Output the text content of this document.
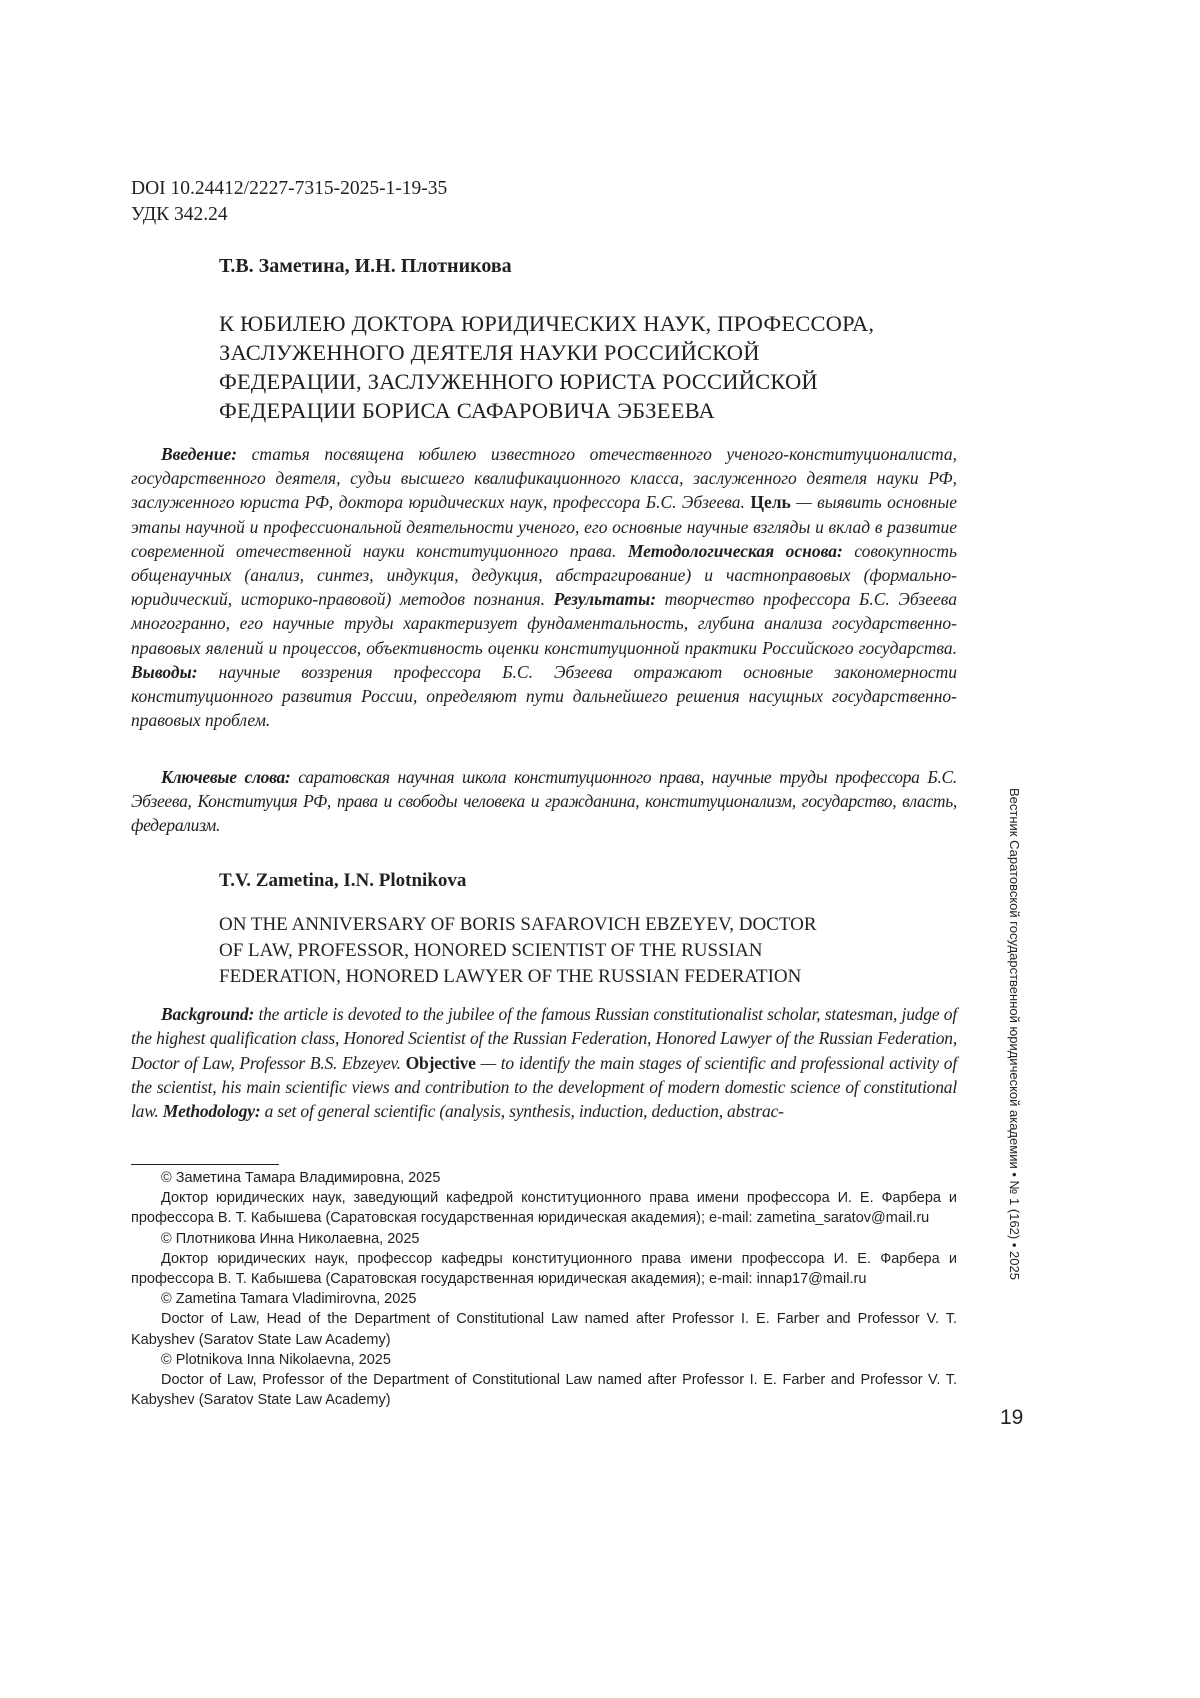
DOI 10.24412/2227-7315-2025-1-19-35
УДК 342.24
Т.В. Заметина, И.Н. Плотникова
К ЮБИЛЕЮ ДОКТОРА ЮРИДИЧЕСКИХ НАУК, ПРОФЕССОРА,
ЗАСЛУЖЕННОГО ДЕЯТЕЛЯ НАУКИ РОССИЙСКОЙ
ФЕДЕРАЦИИ, ЗАСЛУЖЕННОГО ЮРИСТА РОССИЙСКОЙ
ФЕДЕРАЦИИ БОРИСА САФАРОВИЧА ЭБЗЕЕВА

Введение: статья посвящена юбилею известного отечественного ученого-конституционалиста, государственного деятеля, судьи высшего квалификационного класса, заслуженного деятеля науки РФ, заслуженного юриста РФ, доктора юридических наук, профессора Б.С. Эбзеева. Цель — выявить основные этапы научной и профессиональной деятельности ученого, его основные научные взгляды и вклад в развитие современной отечественной науки конституционного права. Методологическая основа: совокупность общенаучных (анализ, синтез, индукция, дедукция, абстрагирование) и частноправовых (формально-юридический, историко-правовой) методов познания. Результаты: творчество профессора Б.С. Эбзеева многогранно, его научные труды характеризует фундаментальность, глубина анализа государственно-правовых явлений и процессов, объективность оценки конституционной практики Российского государства. Выводы: научные воззрения профессора Б.С. Эбзеева отражают основные закономерности конституционного развития России, определяют пути дальнейшего решения насущных государственно-правовых проблем.

Ключевые слова: саратовская научная школа конституционного права, научные труды профессора Б.С. Эбзеева, Конституция РФ, права и свободы человека и гражданина, конституционализм, государство, власть, федерализм.

T.V. Zametina, I.N. Plotnikova
ON THE ANNIVERSARY OF BORIS SAFAROVICH EBZEYEV, DOCTOR
OF LAW, PROFESSOR, HONORED SCIENTIST OF THE RUSSIAN
FEDERATION, HONORED LAWYER OF THE RUSSIAN FEDERATION

Background: the article is devoted to the jubilee of the famous Russian constitutionalist scholar, statesman, judge of the highest qualification class, Honored Scientist of the Russian Federation, Honored Lawyer of the Russian Federation, Doctor of Law, Professor B.S. Ebzeyev. Objective — to identify the main stages of scientific and professional activity of the scientist, his main scientific views and contribution to the development of modern domestic science of constitutional law. Methodology: a set of general scientific (analysis, synthesis, induction, deduction, abstrac-

© Заметина Тамара Владимировна, 2025

Доктор юридических наук, заведующий кафедрой конституционного права имени профессора И. Е. Фарбера и профессора В. Т. Кабышева (Саратовская государственная юридическая академия); e-mail: zametina_saratov@mail.ru

© Плотникова Инна Николаевна, 2025

Доктор юридических наук, профессор кафедры конституционного права имени профессора И. Е. Фарбера и профессора В. Т. Кабышева (Саратовская государственная юридическая академия); e-mail: innap17@mail.ru

© Zametina Tamara Vladimirovna, 2025

Doctor of Law, Head of the Department of Constitutional Law named after Professor I. E. Farber and Professor V. T. Kabyshev (Saratov State Law Academy)

© Plotnikova Inna Nikolaevna, 2025

Doctor of Law, Professor of the Department of Constitutional Law named after Professor I. E. Farber and Professor V. T. Kabyshev (Saratov State Law Academy)

Вестник Саратовской государственной юридической академии • № 1 (162) • 2025
19
